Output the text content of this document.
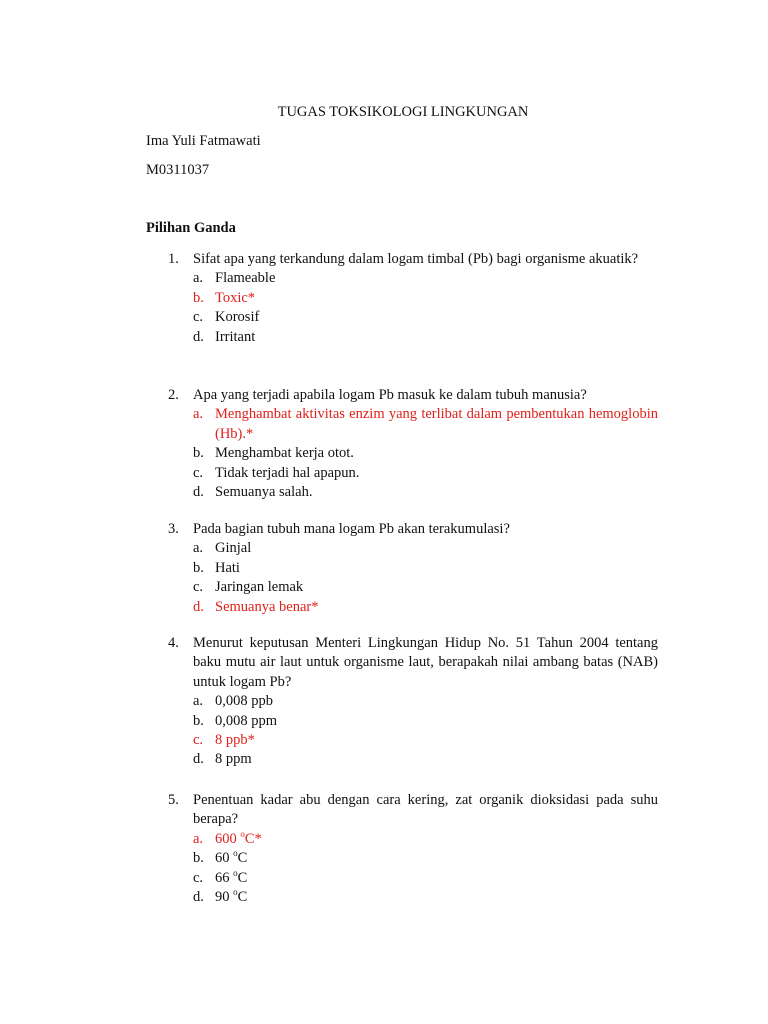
TUGAS TOKSIKOLOGI LINGKUNGAN
Ima Yuli Fatmawati
M0311037
Pilihan Ganda
1. Sifat apa yang terkandung dalam logam timbal (Pb) bagi organisme akuatik?
a. Flameable
b. Toxic*
c. Korosif
d. Irritant
2. Apa yang terjadi apabila logam Pb masuk ke dalam tubuh manusia?
a. Menghambat aktivitas enzim yang terlibat dalam pembentukan hemoglobin (Hb).*
b. Menghambat kerja otot.
c. Tidak terjadi hal apapun.
d. Semuanya salah.
3. Pada bagian tubuh mana logam Pb akan terakumulasi?
a. Ginjal
b. Hati
c. Jaringan lemak
d. Semuanya benar*
4. Menurut keputusan Menteri Lingkungan Hidup No. 51 Tahun 2004 tentang baku mutu air laut untuk organisme laut, berapakah nilai ambang batas (NAB) untuk logam Pb?
a. 0,008 ppb
b. 0,008 ppm
c. 8 ppb*
d. 8 ppm
5. Penentuan kadar abu dengan cara kering, zat organik dioksidasi pada suhu berapa?
a. 600 $^o$C*
b. 60 $^o$C
c. 66 $^o$C
d. 90 $^o$C
